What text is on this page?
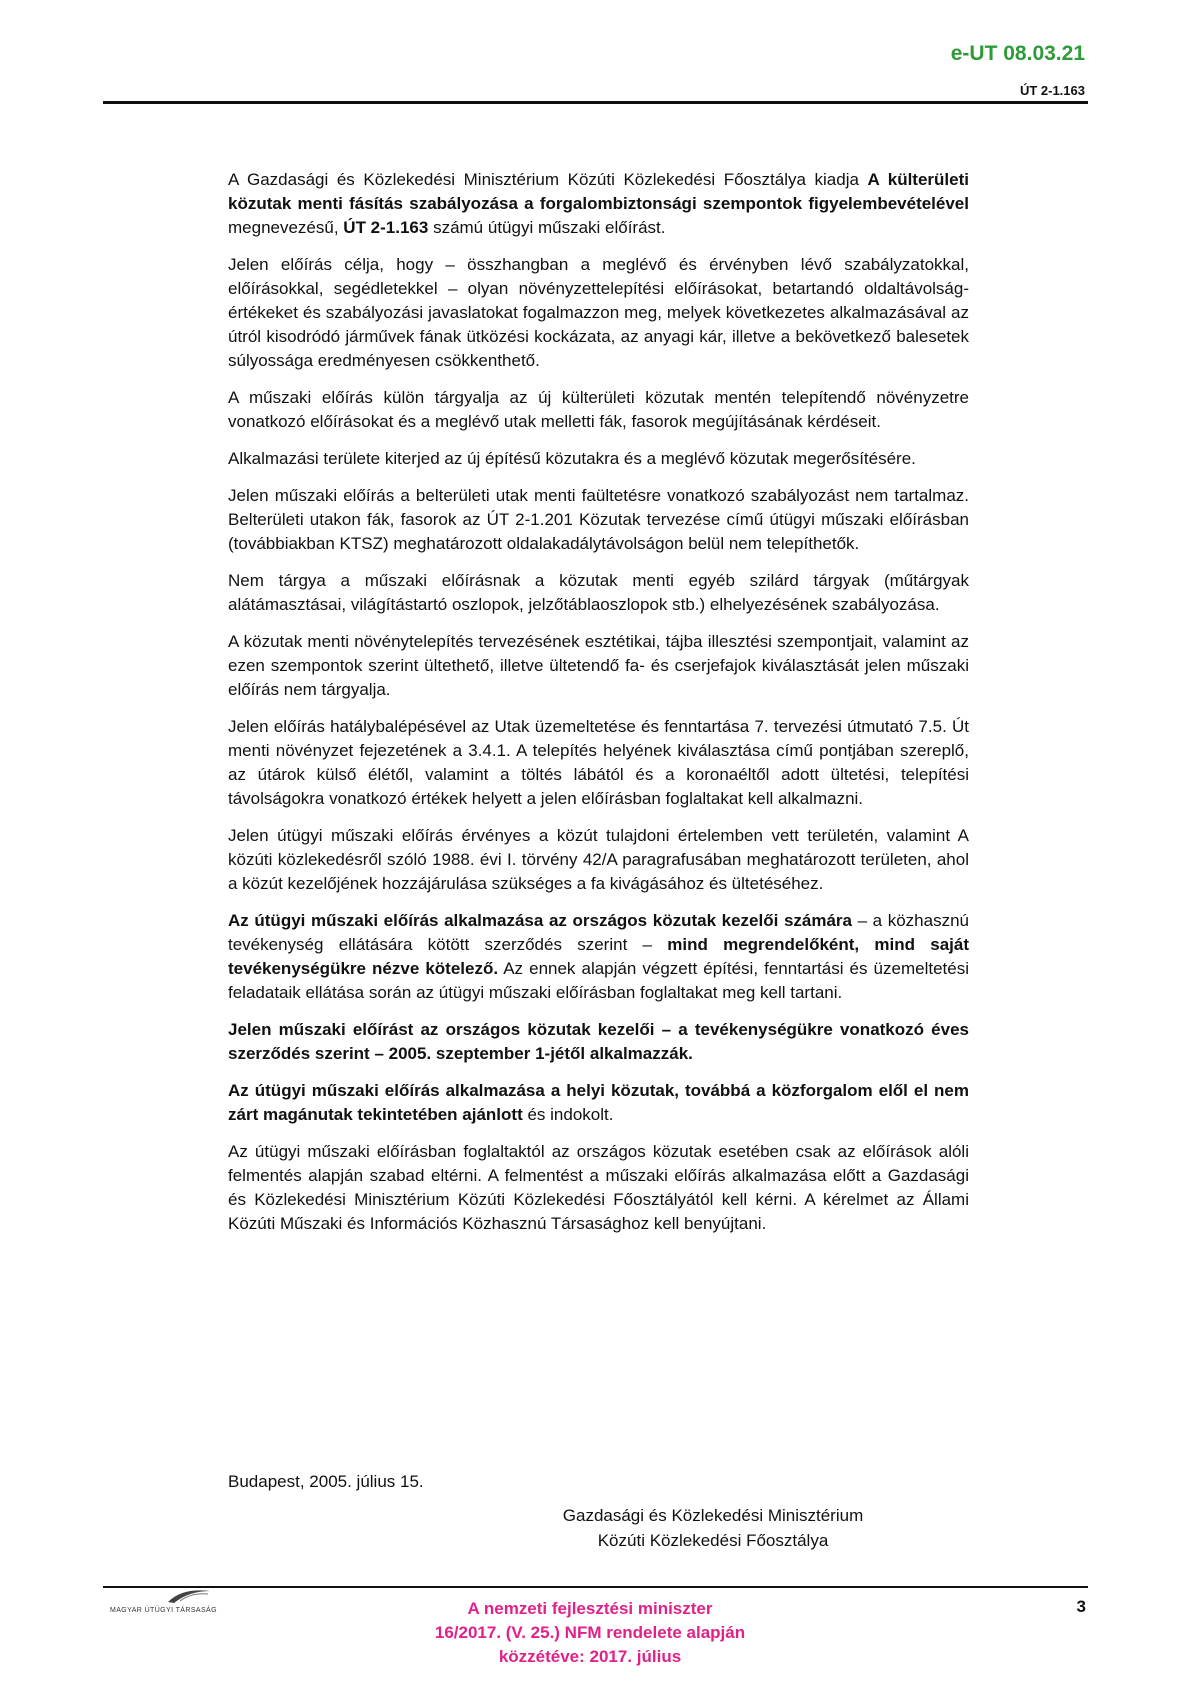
e-UT 08.03.21
ÚT 2-1.163

A Gazdasági és Közlekedési Minisztérium Közúti Közlekedési Főosztálya kiadja A külterületi közutak menti fásítás szabályozása a forgalombiztonsági szempontok figyelembevételével megnevezésű, ÚT 2-1.163 számú útügyi műszaki előírást.

Jelen előírás célja, hogy – összhangban a meglévő és érvényben lévő szabályzatokkal, előírásokkal, segédletekkel – olyan növényzettelepítési előírásokat, betartandó oldaltávolság-értékeket és szabályozási javaslatokat fogalmazzon meg, melyek következetes alkalmazásával az útról kisodródó járművek fának ütközési kockázata, az anyagi kár, illetve a bekövetkező balesetek súlyossága eredményesen csökkenthető.

A műszaki előírás külön tárgyalja az új külterületi közutak mentén telepítendő növényzetre vonatkozó előírásokat és a meglévő utak melletti fák, fasorok megújításának kérdéseit.

Alkalmazási területe kiterjed az új építésű közutakra és a meglévő közutak megerősítésére.

Jelen műszaki előírás a belterületi utak menti faültetésre vonatkozó szabályozást nem tartalmaz. Belterületi utakon fák, fasorok az ÚT 2-1.201 Közutak tervezése című útügyi műszaki előírásban (továbbiakban KTSZ) meghatározott oldalakadálytávolságon belül nem telepíthetők.

Nem tárgya a műszaki előírásnak a közutak menti egyéb szilárd tárgyak (műtárgyak alátámasztásai, világítástartó oszlopok, jelzőtáblaoszlopok stb.) elhelyezésének szabályozása.

A közutak menti növénytelepítés tervezésének esztétikai, tájba illesztési szempontjait, valamint az ezen szempontok szerint ültethető, illetve ültetendő fa- és cserjefajok kiválasztását jelen műszaki előírás nem tárgyalja.

Jelen előírás hatálybalépésével az Utak üzemeltetése és fenntartása 7. tervezési útmutató 7.5. Út menti növényzet fejezetének a 3.4.1. A telepítés helyének kiválasztása című pontjában szereplő, az útárok külső élétől, valamint a töltés lábától és a koronaéltől adott ültetési, telepítési távolságokra vonatkozó értékek helyett a jelen előírásban foglaltakat kell alkalmazni.

Jelen útügyi műszaki előírás érvényes a közút tulajdoni értelemben vett területén, valamint A közúti közlekedésről szóló 1988. évi I. törvény 42/A paragrafusában meghatározott területen, ahol a közút kezelőjének hozzájárulása szükséges a fa kivágásához és ültetéséhez.

Az útügyi műszaki előírás alkalmazása az országos közutak kezelői számára – a közhasznú tevékenység ellátására kötött szerződés szerint – mind megrendelőként, mind saját tevékenységükre nézve kötelező. Az ennek alapján végzett építési, fenntartási és üzemeltetési feladataik ellátása során az útügyi műszaki előírásban foglaltakat meg kell tartani.

Jelen műszaki előírást az országos közutak kezelői – a tevékenységükre vonatkozó éves szerződés szerint – 2005. szeptember 1-jétől alkalmazzák.

Az útügyi műszaki előírás alkalmazása a helyi közutak, továbbá a közforgalom elől el nem zárt magánutak tekintetében ajánlott és indokolt.

Az útügyi műszaki előírásban foglaltaktól az országos közutak esetében csak az előírások alóli felmentés alapján szabad eltérni. A felmentést a műszaki előírás alkalmazása előtt a Gazdasági és Közlekedési Minisztérium Közúti Közlekedési Főosztályától kell kérni. A kérelmet az Állami Közúti Műszaki és Információs Közhasznú Társasághoz kell benyújtani.

Budapest, 2005. július 15.
Gazdasági és Közlekedési Minisztérium
Közúti Közlekedési Főosztálya
MAGYAR ÚTÜGYI TÁRSASÁG	A nemzeti fejlesztési miniszter
16/2017. (V. 25.) NFM rendelete alapján
közzétéve: 2017. július
3
